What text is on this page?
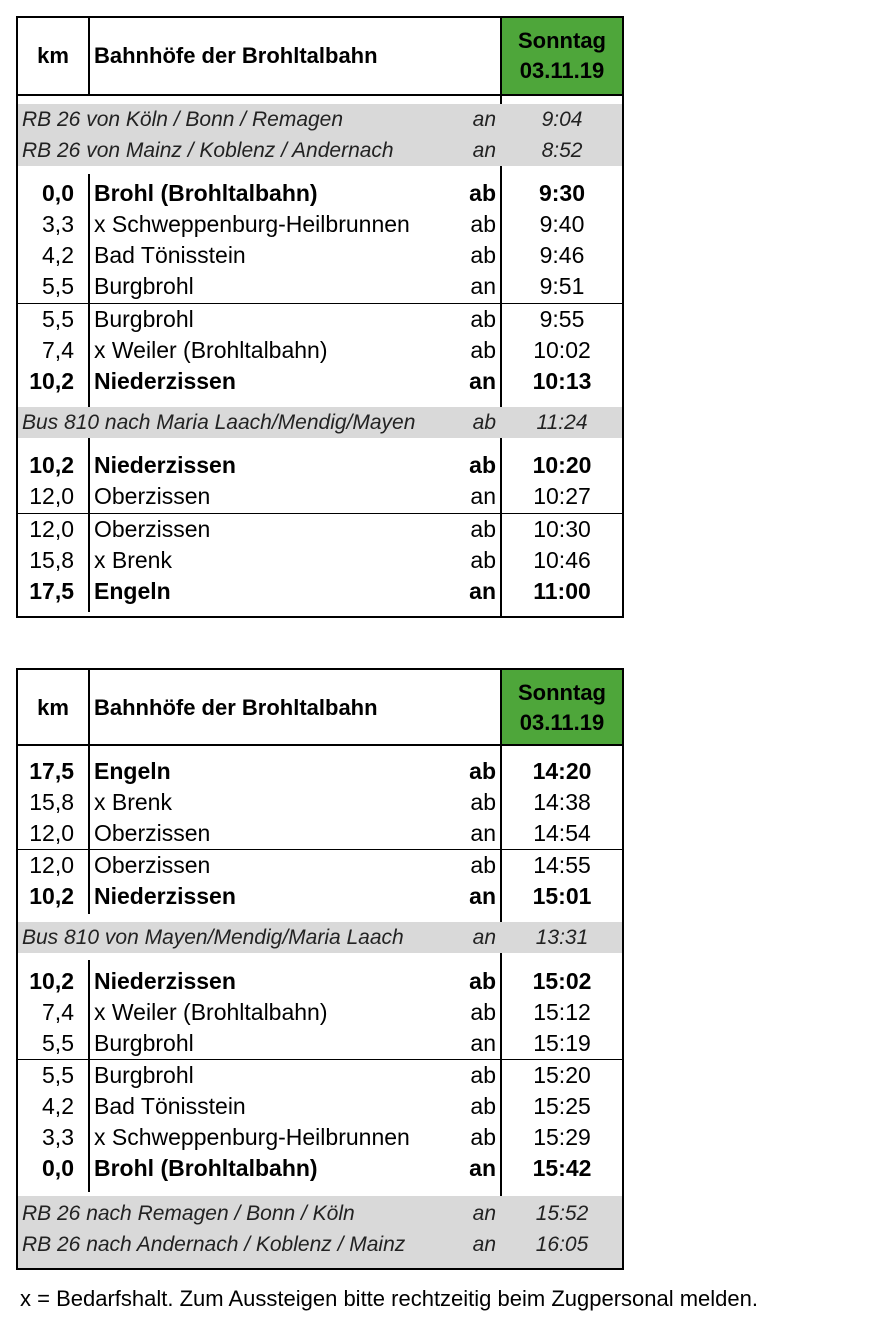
km	Bahnhöfe der Brohltalbahn
Sonntag
03.11.19
RB 26 von Köln / Bonn / Remagen	an	9:04
RB 26 von Mainz / Koblenz / Andernach	an	8:52
0,0 Brohl (Brohltalbahn)	ab	9:30
3,3 x Schweppenburg-Heilbrunnen	ab	9:40
4,2 Bad Tönisstein	ab	9:46
5,5 Burgbrohl	an	9:51
5,5 Burgbrohl	ab	9:55
7,4 x Weiler (Brohltalbahn)	ab	10:02
10,2 Niederzissen	an	10:13
Bus 810 nach Maria Laach/Mendig/Mayen	ab	11:24
10,2 Niederzissen	ab	10:20
12,0 Oberzissen	an	10:27
12,0 Oberzissen	ab	10:30
15,8 x Brenk	ab	10:46
17,5 Engeln	an	11:00
km	Bahnhöfe der Brohltalbahn
Sonntag
03.11.19
17,5 Engeln	ab	14:20
15,8 x Brenk	ab	14:38
12,0 Oberzissen	an	14:54
12,0 Oberzissen	ab	14:55
10,2 Niederzissen	an	15:01
Bus 810 von Mayen/Mendig/Maria Laach	an	13:31
10,2 Niederzissen	ab	15:02
7,4 x Weiler (Brohltalbahn)	ab	15:12
5,5 Burgbrohl	an	15:19
5,5 Burgbrohl	ab	15:20
4,2 Bad Tönisstein	ab	15:25
3,3 x Schweppenburg-Heilbrunnen	ab	15:29
0,0 Brohl (Brohltalbahn)	an	15:42
RB 26 nach Remagen / Bonn / Köln	an	15:52
RB 26 nach Andernach / Koblenz / Mainz	an	16:05
x = Bedarfshalt. Zum Aussteigen bitte rechtzeitig beim Zugpersonal melden.
